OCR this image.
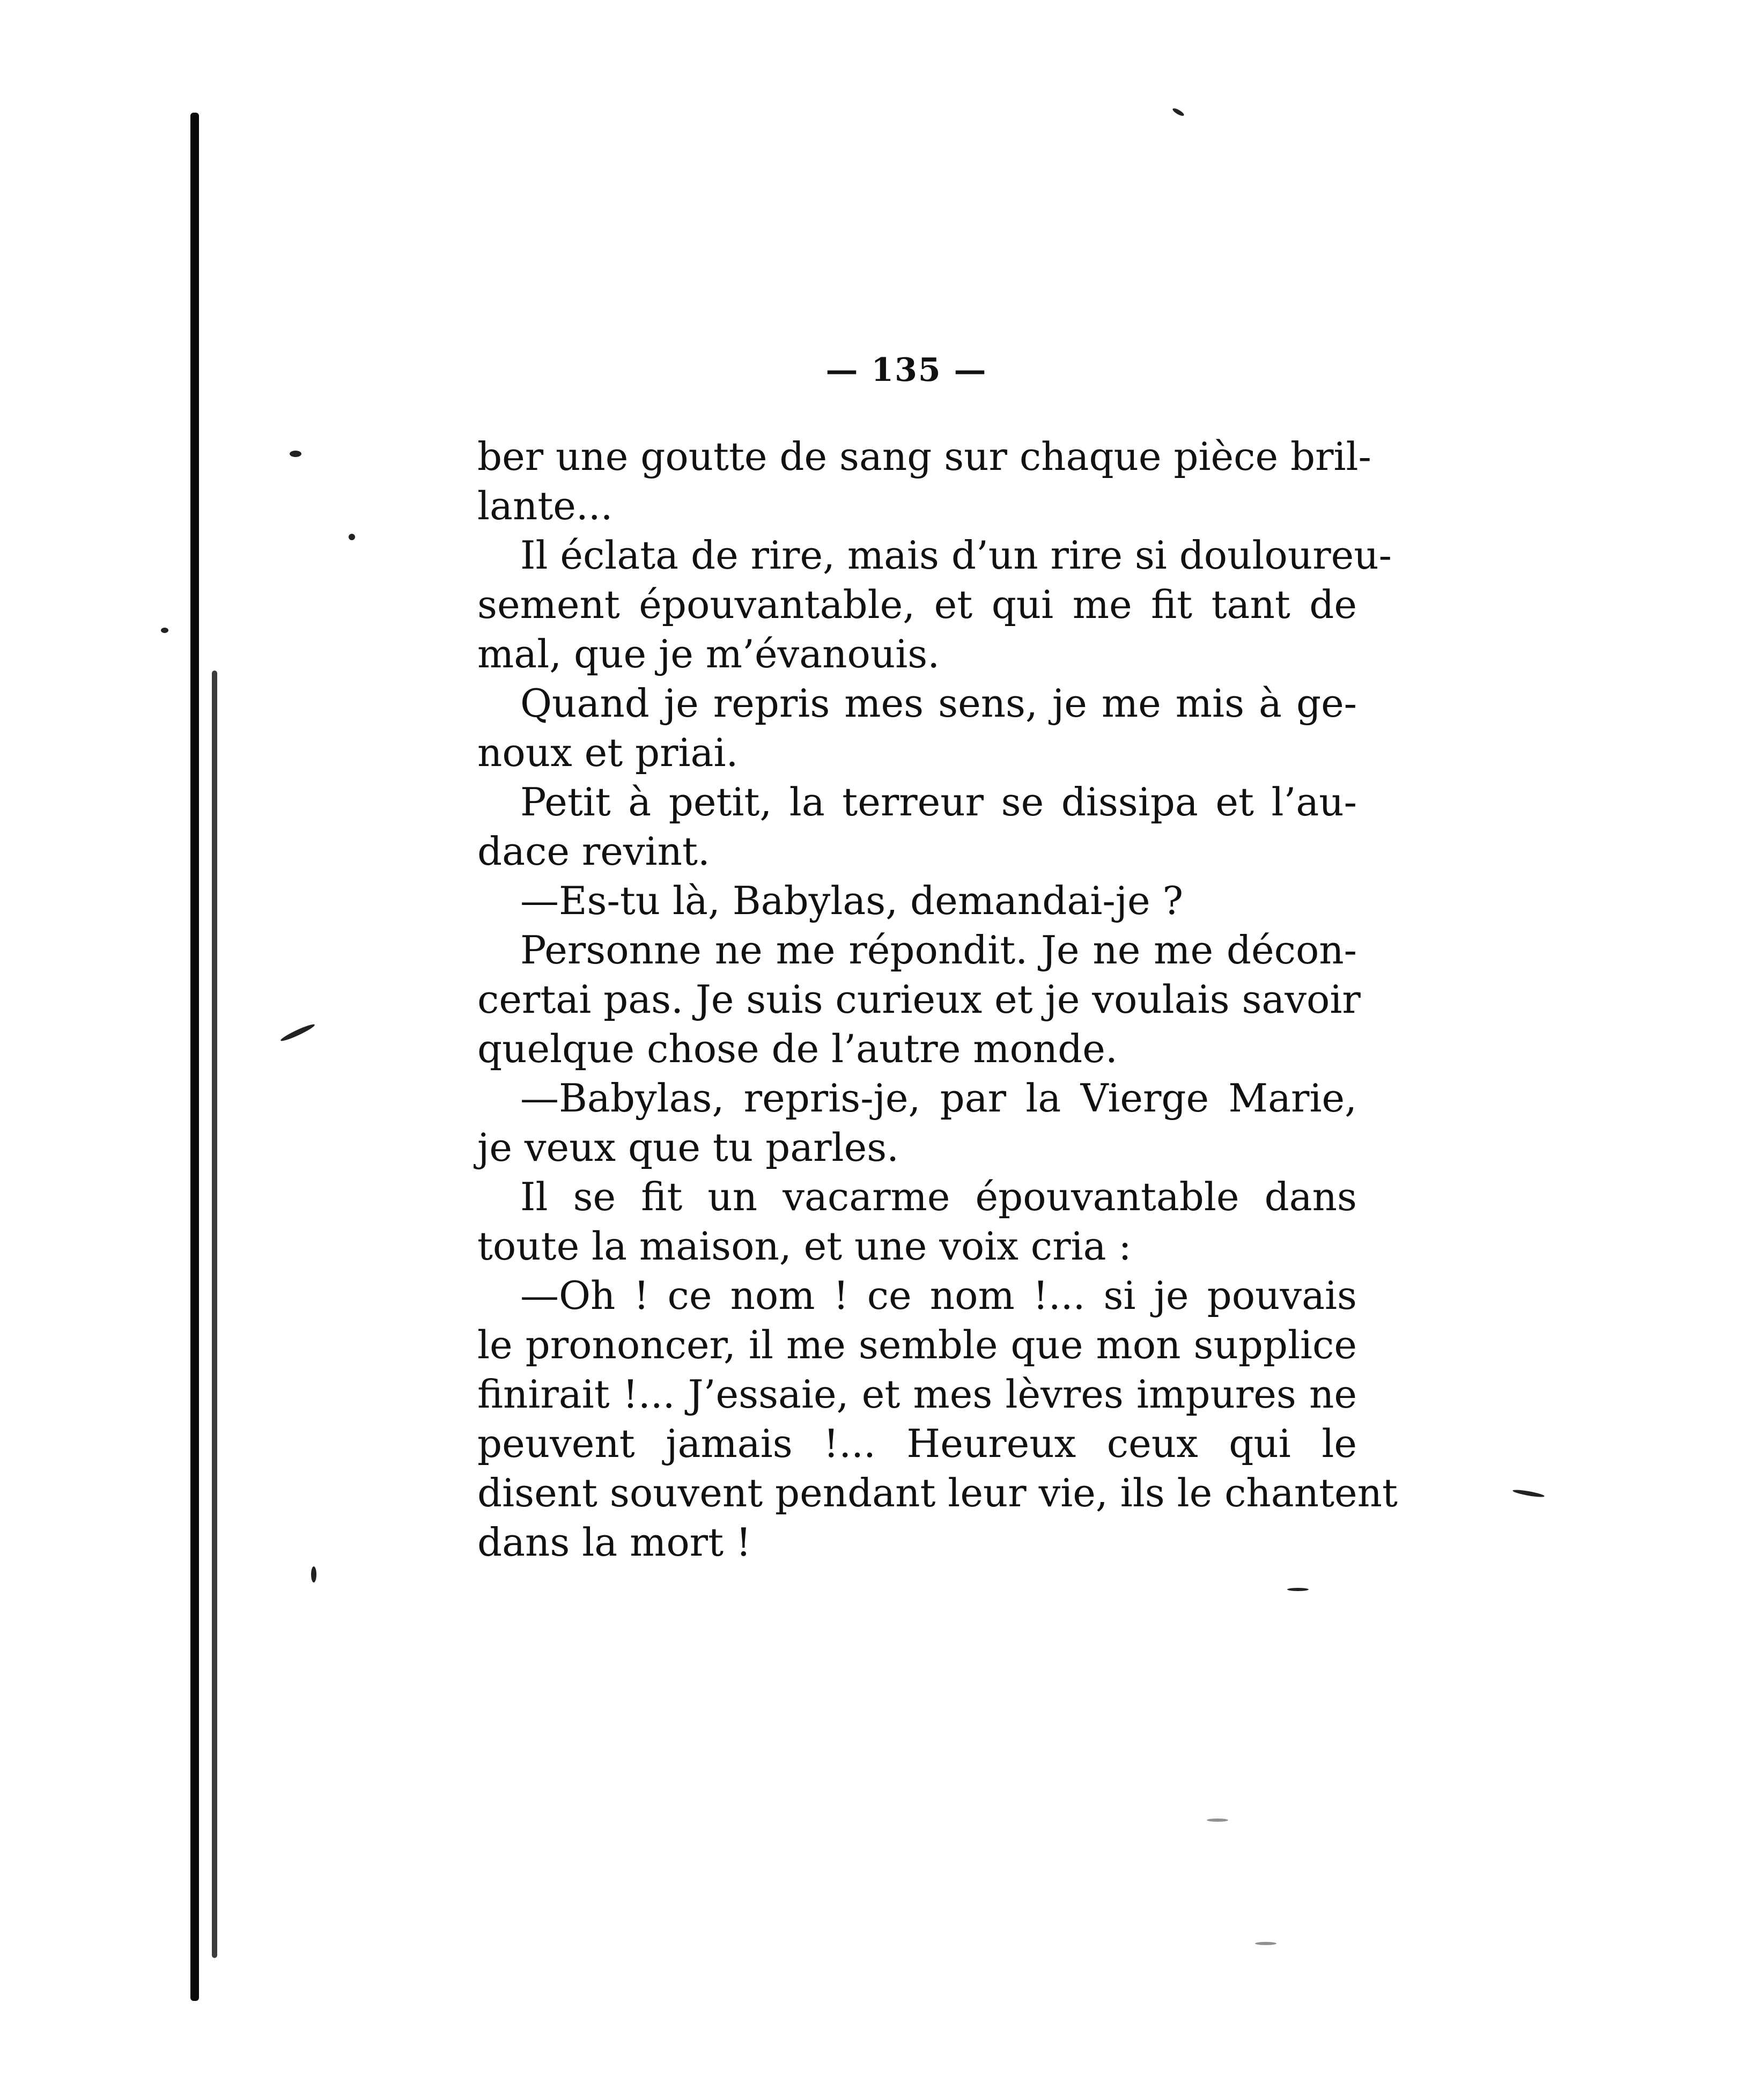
— 135 —
ber une goutte de sang sur chaque pièce bril-
lante...
Il éclata de rire, mais d’un rire si douloureu-
sement épouvantable, et qui me fit tant de
mal, que je m’évanouis.
Quand je repris mes sens, je me mis à ge-
noux et priai.
Petit à petit, la terreur se dissipa et l’au-
dace revint.
—Es-tu là, Babylas, demandai-je ?
Personne ne me répondit. Je ne me décon-
certai pas. Je suis curieux et je voulais savoir
quelque chose de l’autre monde.
—Babylas, repris-je, par la Vierge Marie,
je veux que tu parles.
Il se fit un vacarme épouvantable dans
toute la maison, et une voix cria :
—Oh ! ce nom ! ce nom !... si je pouvais
le prononcer, il me semble que mon supplice
finirait !... J’essaie, et mes lèvres impures ne
peuvent jamais !... Heureux ceux qui le
disent souvent pendant leur vie, ils le chantent
dans la mort !
